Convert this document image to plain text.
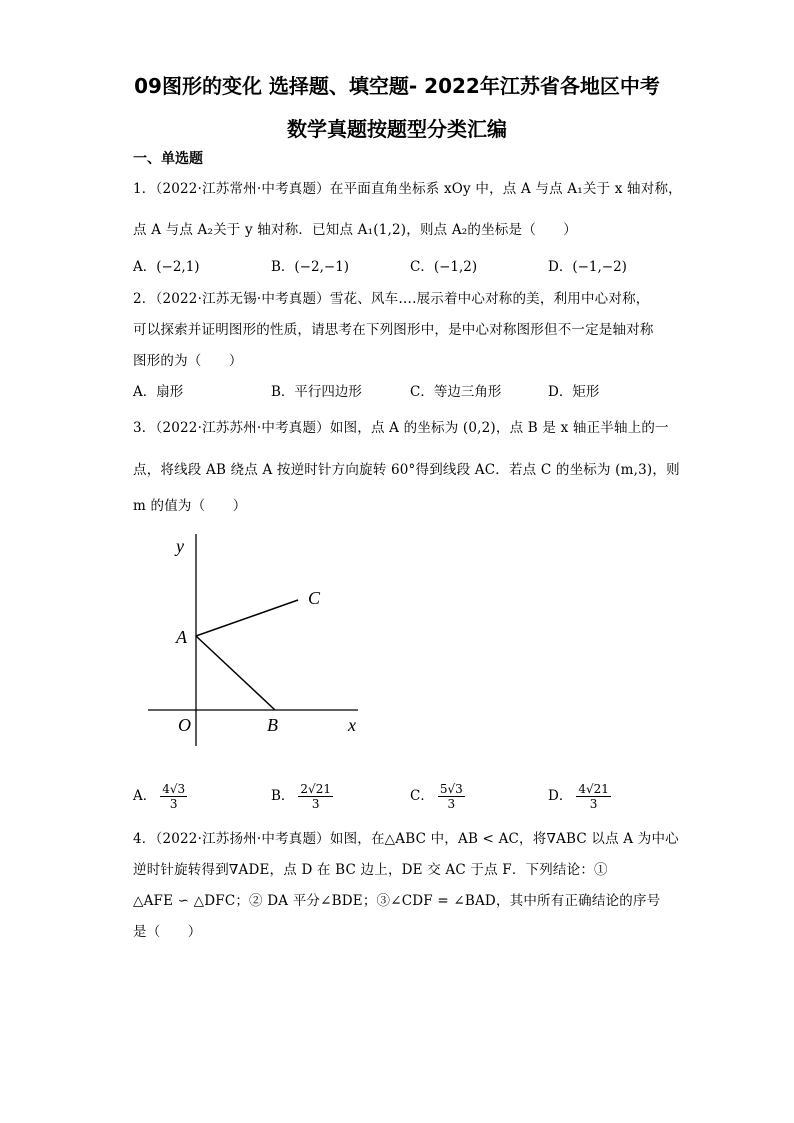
09图形的变化 选择题、填空题- 2022年江苏省各地区中考
数学真题按题型分类汇编
一、单选题
1．（2022·江苏常州·中考真题）在平面直角坐标系 xOy 中，点 A 与点 A₁关于 x 轴对称，
点 A 与点 A₂关于 y 轴对称．已知点 A₁(1,2)，则点 A₂的坐标是（　　）
A．(−2,1)	B．(−2,−1)	C．(−1,2)	D．(−1,−2)
2．（2022·江苏无锡·中考真题）雪花、风车….展示着中心对称的美，利用中心对称，
可以探索并证明图形的性质，请思考在下列图形中，是中心对称图形但不一定是轴对称
图形的为（　　）
A．扇形	B．平行四边形	C．等边三角形	D．矩形
3．（2022·江苏苏州·中考真题）如图，点 A 的坐标为 (0,2)，点 B 是 x 轴正半轴上的一
点，将线段 AB 绕点 A 按逆时针方向旋转 60°得到线段 AC．若点 C 的坐标为 (m,3)，则
m 的值为（　　）
y
x
O
A
B
C
A． $\frac{4√3}{3}$	B． $\frac{2√21}{3}$	C． $\frac{5√3}{3}$	D． $\frac{4√21}{3}$
4．（2022·江苏扬州·中考真题）如图，在△ABC 中，AB < AC，将∇ABC 以点 A 为中心
逆时针旋转得到∇ADE，点 D 在 BC 边上，DE 交 AC 于点 F．下列结论：①
△AFE ∽ △DFC；② DA 平分∠BDE；③∠CDF = ∠BAD，其中所有正确结论的序号
是（　　）
